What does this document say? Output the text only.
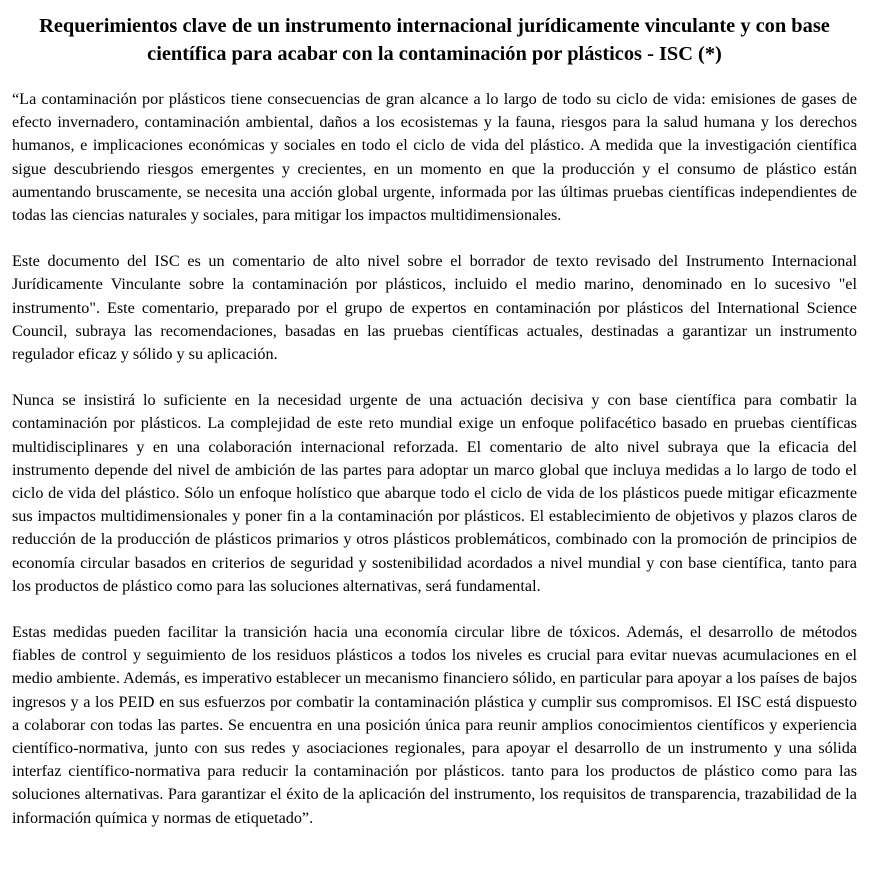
Requerimientos clave de un instrumento internacional jurídicamente vinculante y con base científica para acabar con la contaminación por plásticos - ISC (*)

“La contaminación por plásticos tiene consecuencias de gran alcance a lo largo de todo su ciclo de vida: emisiones de gases de efecto invernadero, contaminación ambiental, daños a los ecosistemas y la fauna, riesgos para la salud humana y los derechos humanos, e implicaciones económicas y sociales en todo el ciclo de vida del plástico. A medida que la investigación científica sigue descubriendo riesgos emergentes y crecientes, en un momento en que la producción y el consumo de plástico están aumentando bruscamente, se necesita una acción global urgente, informada por las últimas pruebas científicas independientes de todas las ciencias naturales y sociales, para mitigar los impactos multidimensionales.

Este documento del ISC es un comentario de alto nivel sobre el borrador de texto revisado del Instrumento Internacional Jurídicamente Vinculante sobre la contaminación por plásticos, incluido el medio marino, denominado en lo sucesivo "el instrumento". Este comentario, preparado por el grupo de expertos en contaminación por plásticos del International Science Council, subraya las recomendaciones, basadas en las pruebas científicas actuales, destinadas a garantizar un instrumento regulador eficaz y sólido y su aplicación.

Nunca se insistirá lo suficiente en la necesidad urgente de una actuación decisiva y con base científica para combatir la contaminación por plásticos. La complejidad de este reto mundial exige un enfoque polifacético basado en pruebas científicas multidisciplinares y en una colaboración internacional reforzada. El comentario de alto nivel subraya que la eficacia del instrumento depende del nivel de ambición de las partes para adoptar un marco global que incluya medidas a lo largo de todo el ciclo de vida del plástico. Sólo un enfoque holístico que abarque todo el ciclo de vida de los plásticos puede mitigar eficazmente sus impactos multidimensionales y poner fin a la contaminación por plásticos. El establecimiento de objetivos y plazos claros de reducción de la producción de plásticos primarios y otros plásticos problemáticos, combinado con la promoción de principios de economía circular basados en criterios de seguridad y sostenibilidad acordados a nivel mundial y con base científica, tanto para los productos de plástico como para las soluciones alternativas, será fundamental.

Estas medidas pueden facilitar la transición hacia una economía circular libre de tóxicos. Además, el desarrollo de métodos fiables de control y seguimiento de los residuos plásticos a todos los niveles es crucial para evitar nuevas acumulaciones en el medio ambiente. Además, es imperativo establecer un mecanismo financiero sólido, en particular para apoyar a los países de bajos ingresos y a los PEID en sus esfuerzos por combatir la contaminación plástica y cumplir sus compromisos. El ISC está dispuesto a colaborar con todas las partes. Se encuentra en una posición única para reunir amplios conocimientos científicos y experiencia científico-normativa, junto con sus redes y asociaciones regionales, para apoyar el desarrollo de un instrumento y una sólida interfaz científico-normativa para reducir la contaminación por plásticos. tanto para los productos de plástico como para las soluciones alternativas. Para garantizar el éxito de la aplicación del instrumento, los requisitos de transparencia, trazabilidad de la información química y normas de etiquetado”.
